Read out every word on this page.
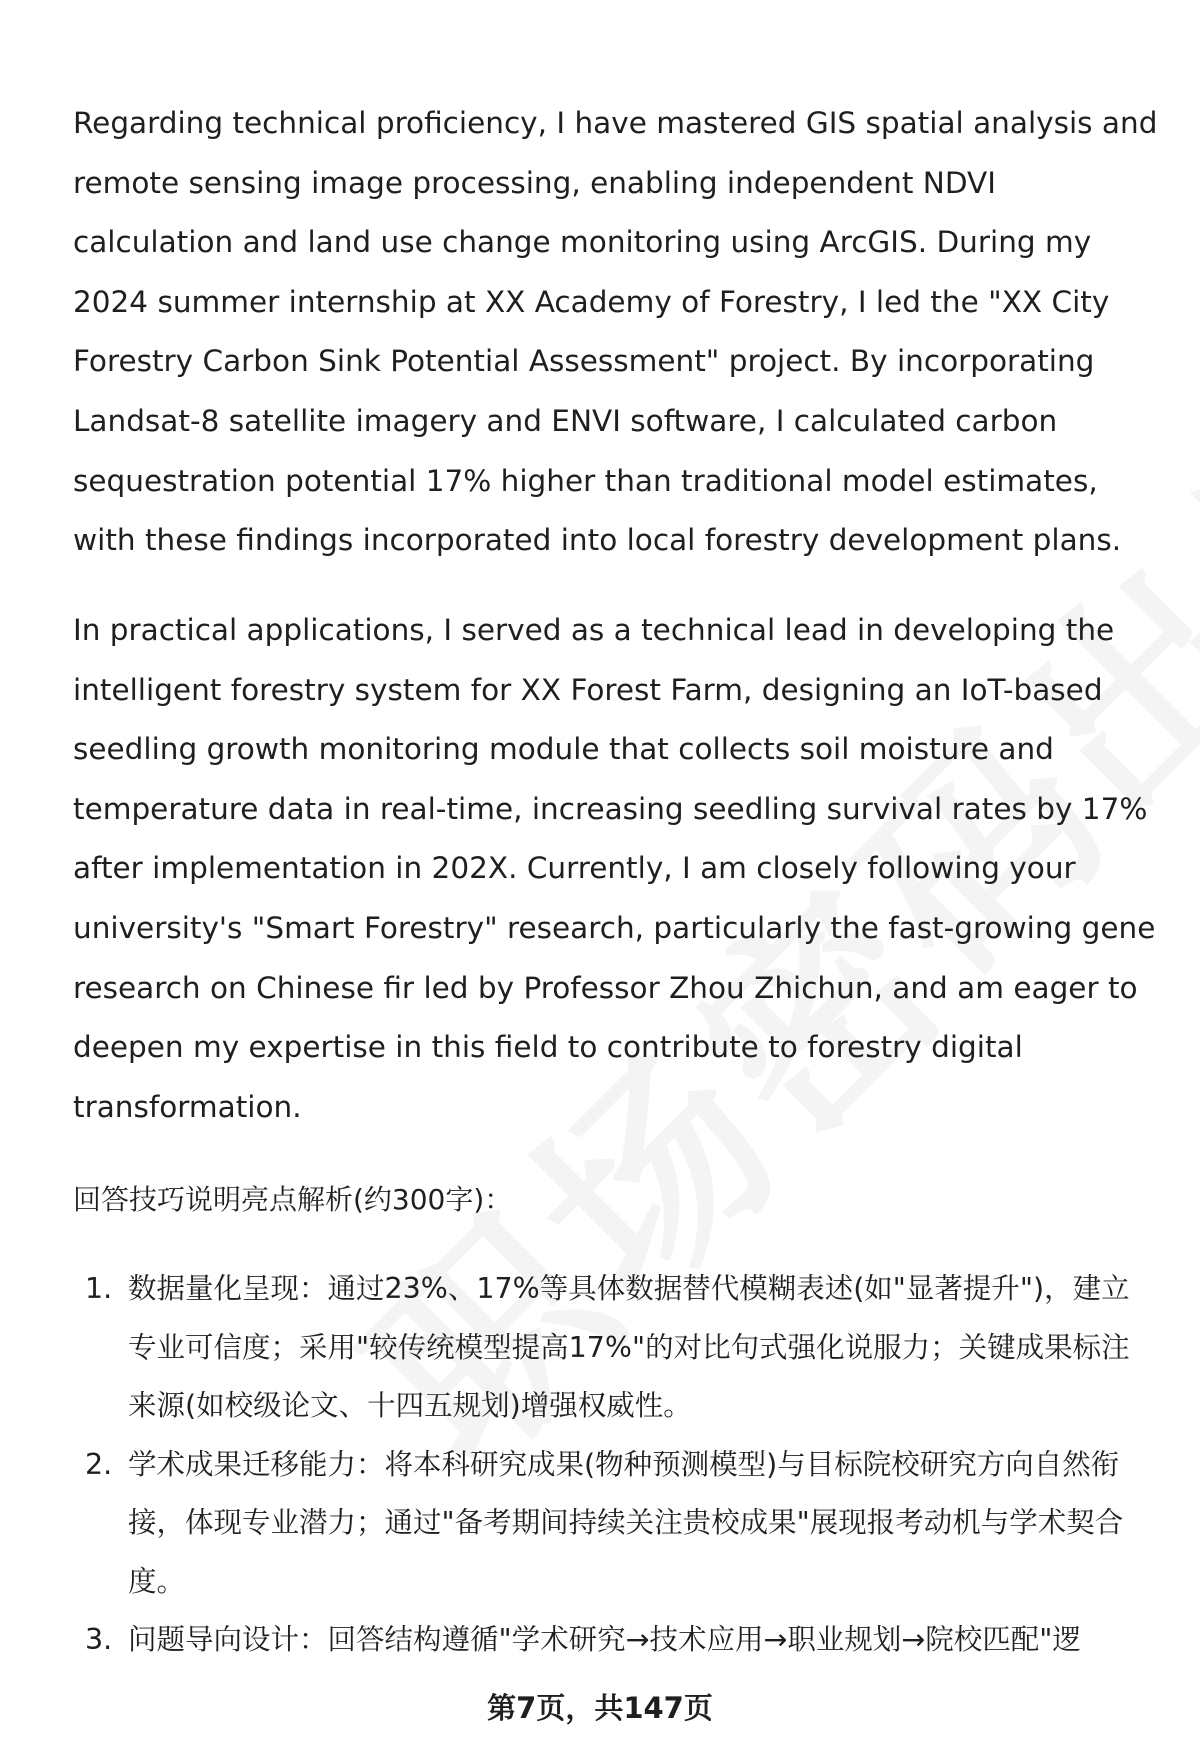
Regarding technical proficiency, I have mastered GIS spatial analysis and remote sensing image processing, enabling independent NDVI calculation and land use change monitoring using ArcGIS. During my 2024 summer internship at XX Academy of Forestry, I led the "XX City Forestry Carbon Sink Potential Assessment" project. By incorporating Landsat-8 satellite imagery and ENVI software, I calculated carbon sequestration potential 17% higher than traditional model estimates, with these findings incorporated into local forestry development plans.

In practical applications, I served as a technical lead in developing the intelligent forestry system for XX Forest Farm, designing an IoT-based seedling growth monitoring module that collects soil moisture and temperature data in real-time, increasing seedling survival rates by 17% after implementation in 202X. Currently, I am closely following your university's "Smart Forestry" research, particularly the fast-growing gene research on Chinese fir led by Professor Zhou Zhichun, and am eager to deepen my expertise in this field to contribute to forestry digital transformation.

回答技巧说明亮点解析(约300字)：

1. 数据量化呈现：通过23%、17%等具体数据替代模糊表述(如"显著提升")，建立专业可信度；采用"较传统模型提高17%"的对比句式强化说服力；关键成果标注来源(如校级论文、十四五规划)增强权威性。
2. 学术成果迁移能力：将本科研究成果(物种预测模型)与目标院校研究方向自然衔接，体现专业潜力；通过"备考期间持续关注贵校成果"展现报考动机与学术契合度。
3. 问题导向设计：回答结构遵循"学术研究→技术应用→职业规划→院校匹配"逻
第7页，共147页
